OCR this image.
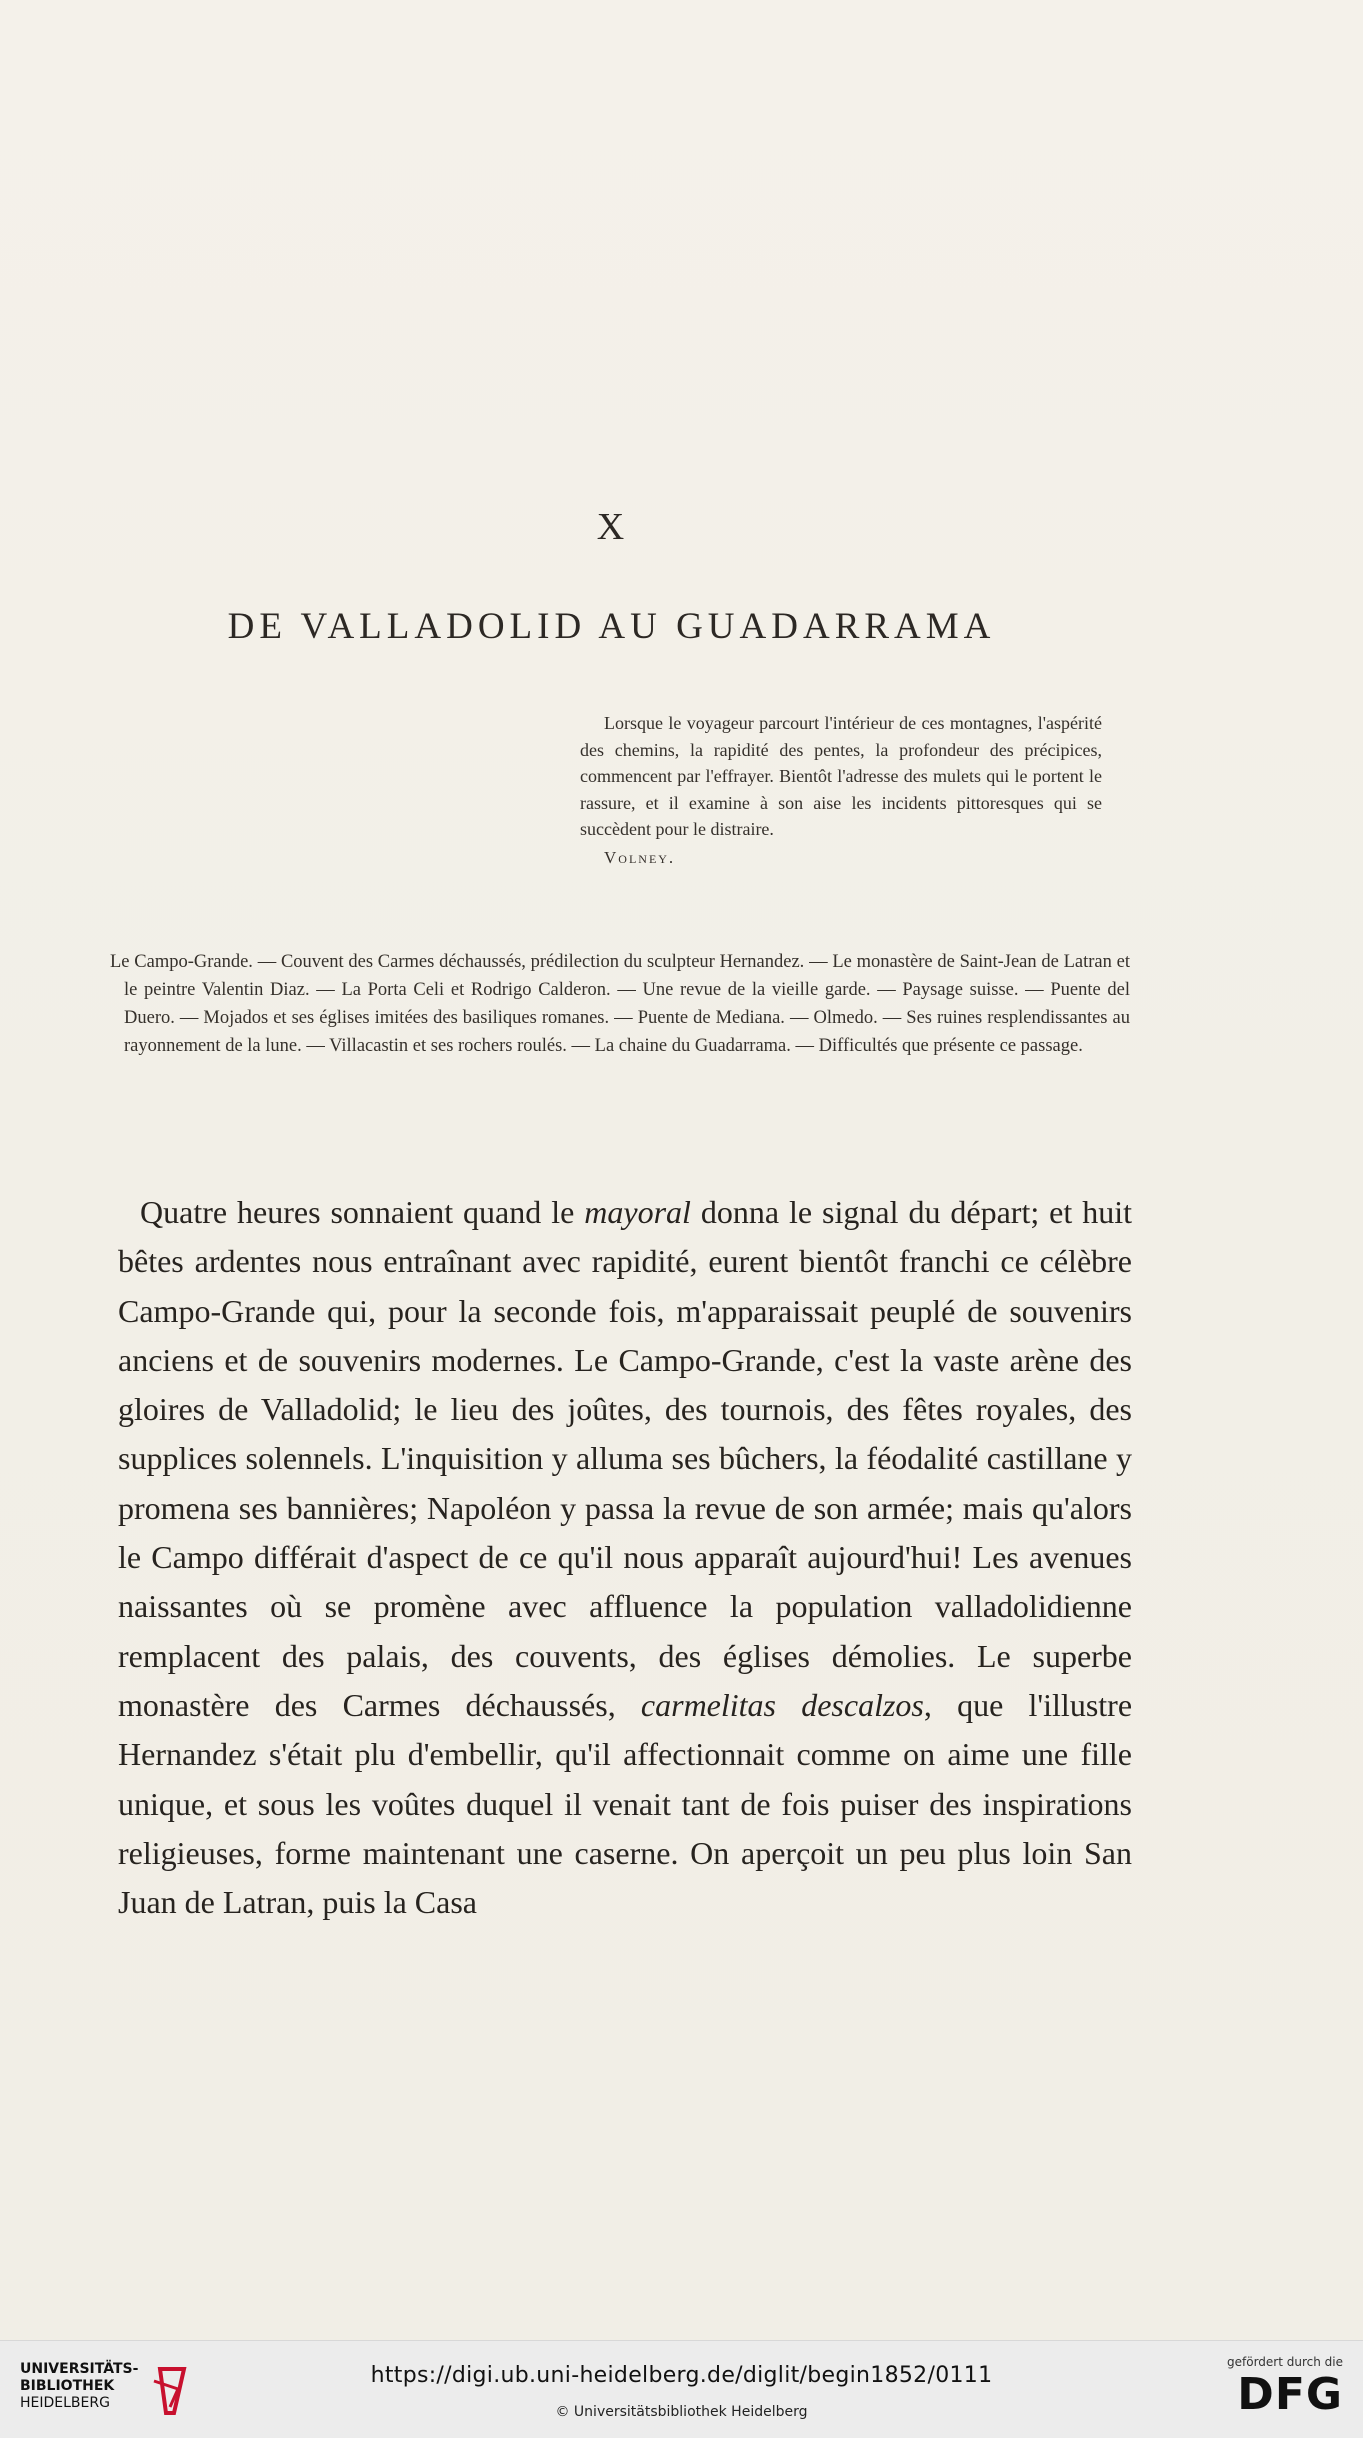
X
DE VALLADOLID AU GUADARRAMA

Lorsque le voyageur parcourt l'intérieur de ces montagnes, l'aspérité des chemins, la rapidité des pentes, la profondeur des précipices, commencent par l'effrayer. Bientôt l'adresse des mulets qui le portent le rassure, et il examine à son aise les incidents pittoresques qui se succèdent pour le distraire.

Volney.

Le Campo-Grande. — Couvent des Carmes déchaussés, prédilection du sculpteur Hernandez. — Le monastère de Saint-Jean de Latran et le peintre Valentin Diaz. — La Porta Celi et Rodrigo Calderon. — Une revue de la vieille garde. — Paysage suisse. — Puente del Duero. — Mojados et ses églises imitées des basiliques romanes. — Puente de Mediana. — Olmedo. — Ses ruines resplendissantes au rayonnement de la lune. — Villacastin et ses rochers roulés. — La chaine du Guadarrama. — Difficultés que présente ce passage.

Quatre heures sonnaient quand le mayoral donna le signal du départ; et huit bêtes ardentes nous entraînant avec rapidité, eurent bientôt franchi ce célèbre Campo-Grande qui, pour la seconde fois, m'apparaissait peuplé de souvenirs anciens et de souvenirs modernes. Le Campo-Grande, c'est la vaste arène des gloires de Valladolid; le lieu des joûtes, des tournois, des fêtes royales, des supplices solennels. L'inquisition y alluma ses bûchers, la féodalité castillane y promena ses bannières; Napoléon y passa la revue de son armée; mais qu'alors le Campo différait d'aspect de ce qu'il nous apparaît aujourd'hui! Les avenues naissantes où se promène avec affluence la population valladolidienne remplacent des palais, des couvents, des églises démolies. Le superbe monastère des Carmes déchaussés, carmelitas descalzos, que l'illustre Hernandez s'était plu d'embellir, qu'il affectionnait comme on aime une fille unique, et sous les voûtes duquel il venait tant de fois puiser des inspirations religieuses, forme maintenant une caserne. On aperçoit un peu plus loin San Juan de Latran, puis la Casa

UNIVERSITÄTS-
BIBLIOTHEK
HEIDELBERG
https://digi.ub.uni-heidelberg.de/diglit/begin1852/0111
© Universitätsbibliothek Heidelberg
gefördert durch die
DFG
